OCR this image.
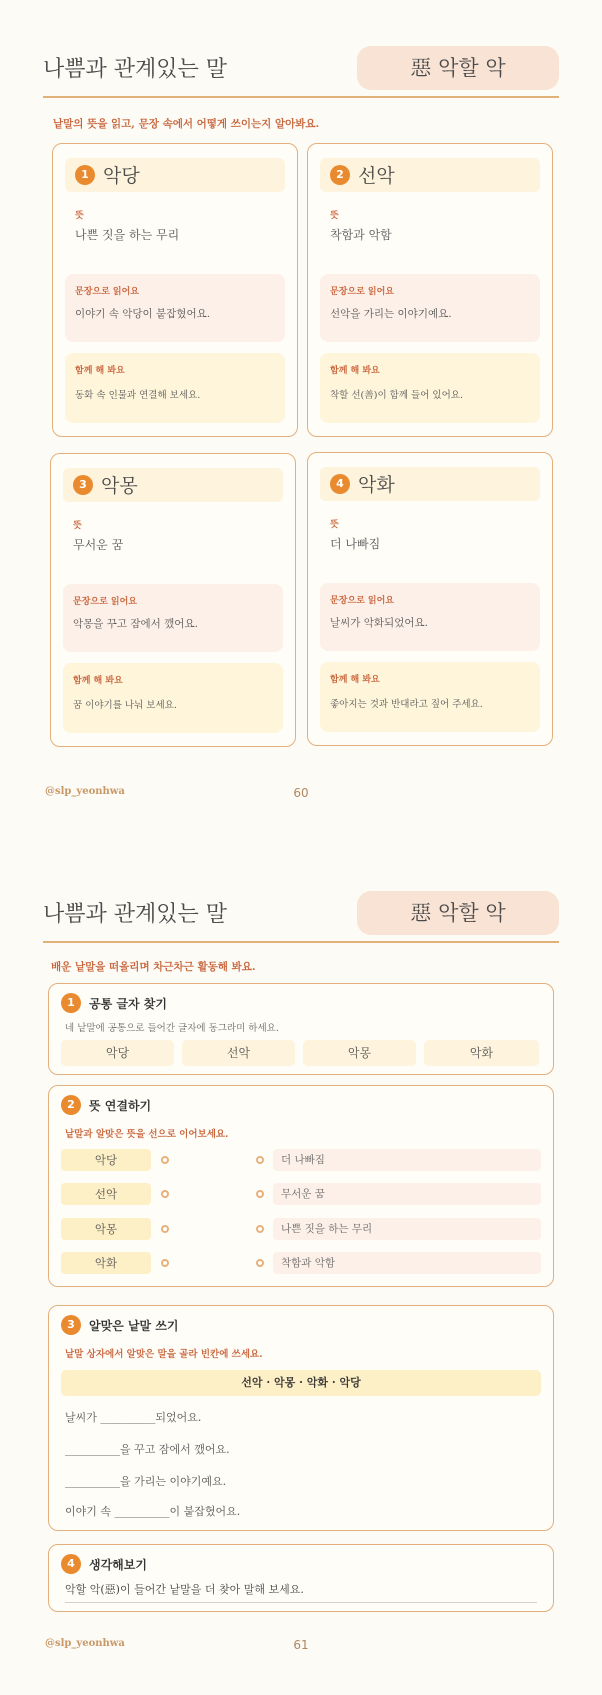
나쁨과 관계있는 말	惡 악할 악
낱말의 뜻을 읽고, 문장 속에서 어떻게 쓰이는지 알아봐요.
1 악당
뜻
나쁜 짓을 하는 무리
문장으로 읽어요
이야기 속 악당이 붙잡혔어요.
함께 해 봐요
동화 속 인물과 연결해 보세요.
2 선악
뜻
착함과 악함
문장으로 읽어요
선악을 가리는 이야기예요.
함께 해 봐요
착할 선(善)이 함께 들어 있어요.
3 악몽
뜻
무서운 꿈
문장으로 읽어요
악몽을 꾸고 잠에서 깼어요.
함께 해 봐요
꿈 이야기를 나눠 보세요.
4 악화
뜻
더 나빠짐
문장으로 읽어요
날씨가 악화되었어요.
함께 해 봐요
좋아지는 것과 반대라고 짚어 주세요.
@slp_yeonhwa	60
나쁨과 관계있는 말	惡 악할 악
배운 낱말을 떠올리며 차근차근 활동해 봐요.
1	공통 글자 찾기
네 낱말에 공통으로 들어간 글자에 동그라미 하세요.
악당	선악	악몽	악화
2	뜻 연결하기
낱말과 알맞은 뜻을 선으로 이어보세요.
악당	더 나빠짐
선악	무서운 꿈
악몽	나쁜 짓을 하는 무리
악화	착함과 악함
3	알맞은 낱말 쓰기
낱말 상자에서 알맞은 말을 골라 빈칸에 쓰세요.
선악 · 악몽 · 악화 · 악당
날씨가 __________되었어요.
__________을 꾸고 잠에서 깼어요.
__________을 가리는 이야기예요.
이야기 속 __________이 붙잡혔어요.
4	생각해보기
악할 악(惡)이 들어간 낱말을 더 찾아 말해 보세요.
@slp_yeonhwa	61
